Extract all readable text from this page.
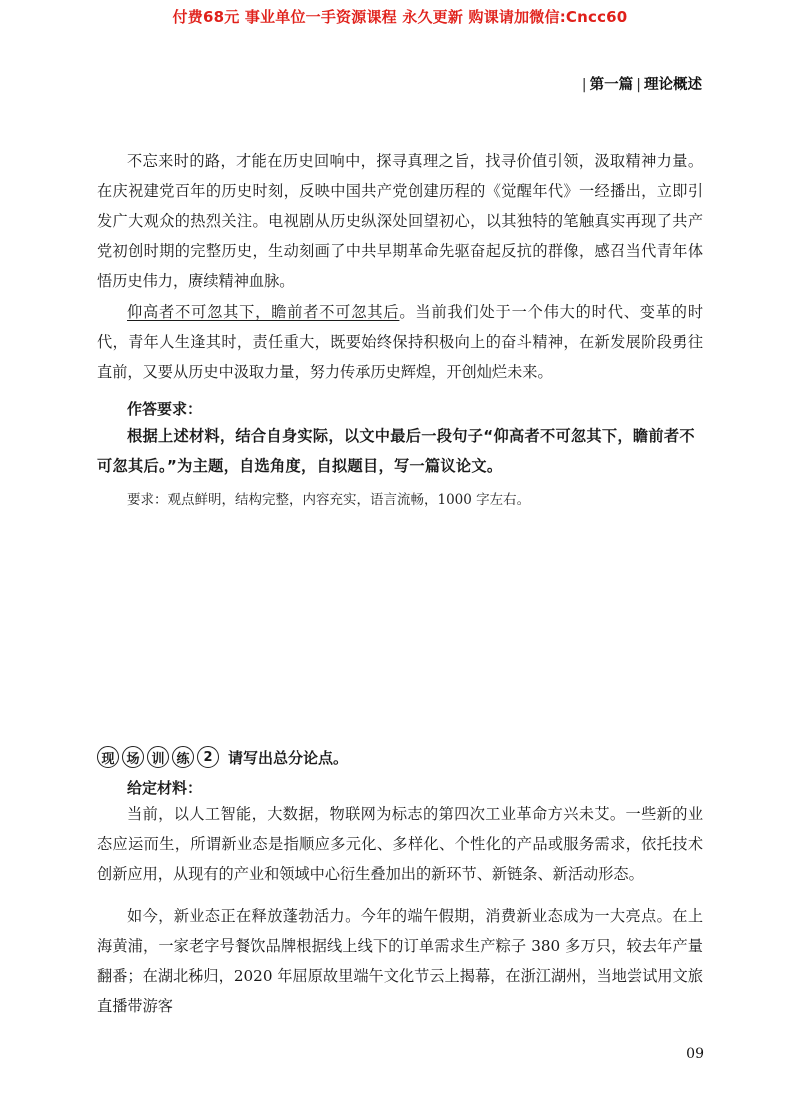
付费68元 事业单位一手资源课程 永久更新 购课请加微信:Cncc60
| 第一篇 | 理论概述

不忘来时的路，才能在历史回响中，探寻真理之旨，找寻价值引领，汲取精神力量。在庆祝建党百年的历史时刻，反映中国共产党创建历程的《觉醒年代》一经播出，立即引发广大观众的热烈关注。电视剧从历史纵深处回望初心，以其独特的笔触真实再现了共产党初创时期的完整历史，生动刻画了中共早期革命先驱奋起反抗的群像，感召当代青年体悟历史伟力，赓续精神血脉。

仰高者不可忽其下，瞻前者不可忽其后。当前我们处于一个伟大的时代、变革的时代，青年人生逢其时，责任重大，既要始终保持积极向上的奋斗精神，在新发展阶段勇往直前，又要从历史中汲取力量，努力传承历史辉煌，开创灿烂未来。

作答要求：

根据上述材料，结合自身实际，以文中最后一段句子“仰高者不可忽其下，瞻前者不可忽其后。”为主题，自选角度，自拟题目，写一篇议论文。

要求：观点鲜明，结构完整，内容充实，语言流畅，1000 字左右。
现 场 训 练	2	请写出总分论点。
给定材料：

当前，以人工智能，大数据，物联网为标志的第四次工业革命方兴未艾。一些新的业态应运而生，所谓新业态是指顺应多元化、多样化、个性化的产品或服务需求，依托技术创新应用，从现有的产业和领域中心衍生叠加出的新环节、新链条、新活动形态。

如今，新业态正在释放蓬勃活力。今年的端午假期，消费新业态成为一大亮点。在上海黄浦，一家老字号餐饮品牌根据线上线下的订单需求生产粽子 380 多万只，较去年产量翻番；在湖北秭归，2020 年屈原故里端午文化节云上揭幕，在浙江湖州，当地尝试用文旅直播带游客

09
